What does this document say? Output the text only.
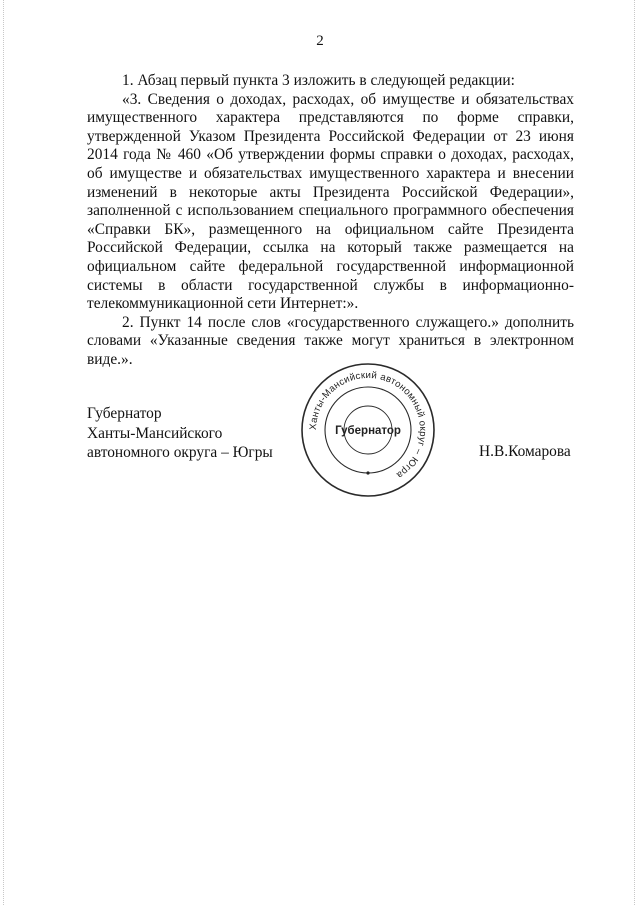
2

1. Абзац первый пункта 3 изложить в следующей редакции:

«3. Сведения о доходах, расходах, об имуществе и обязательствах имущественного характера представляются по форме справки, утвержденной Указом Президента Российской Федерации от 23 июня 2014 года № 460 «Об утверждении формы справки о доходах, расходах, об имуществе и обязательствах имущественного характера и внесении изменений в некоторые акты Президента Российской Федерации», заполненной с использованием специального программного обеспечения «Справки БК», размещенного на официальном сайте Президента Российской Федерации, ссылка на который также размещается на официальном сайте федеральной государственной информационной системы в области государственной службы в информационно-телекоммуникационной сети Интернет:».

2. Пункт 14 после слов «государственного служащего.» дополнить словами «Указанные сведения также могут храниться в электронном виде.».

Губернатор
Ханты-Мансийского
автономного округа – Югры	Н.В.Комарова
Ханты-Мансийский автономный округ – Югра
Губернатор
